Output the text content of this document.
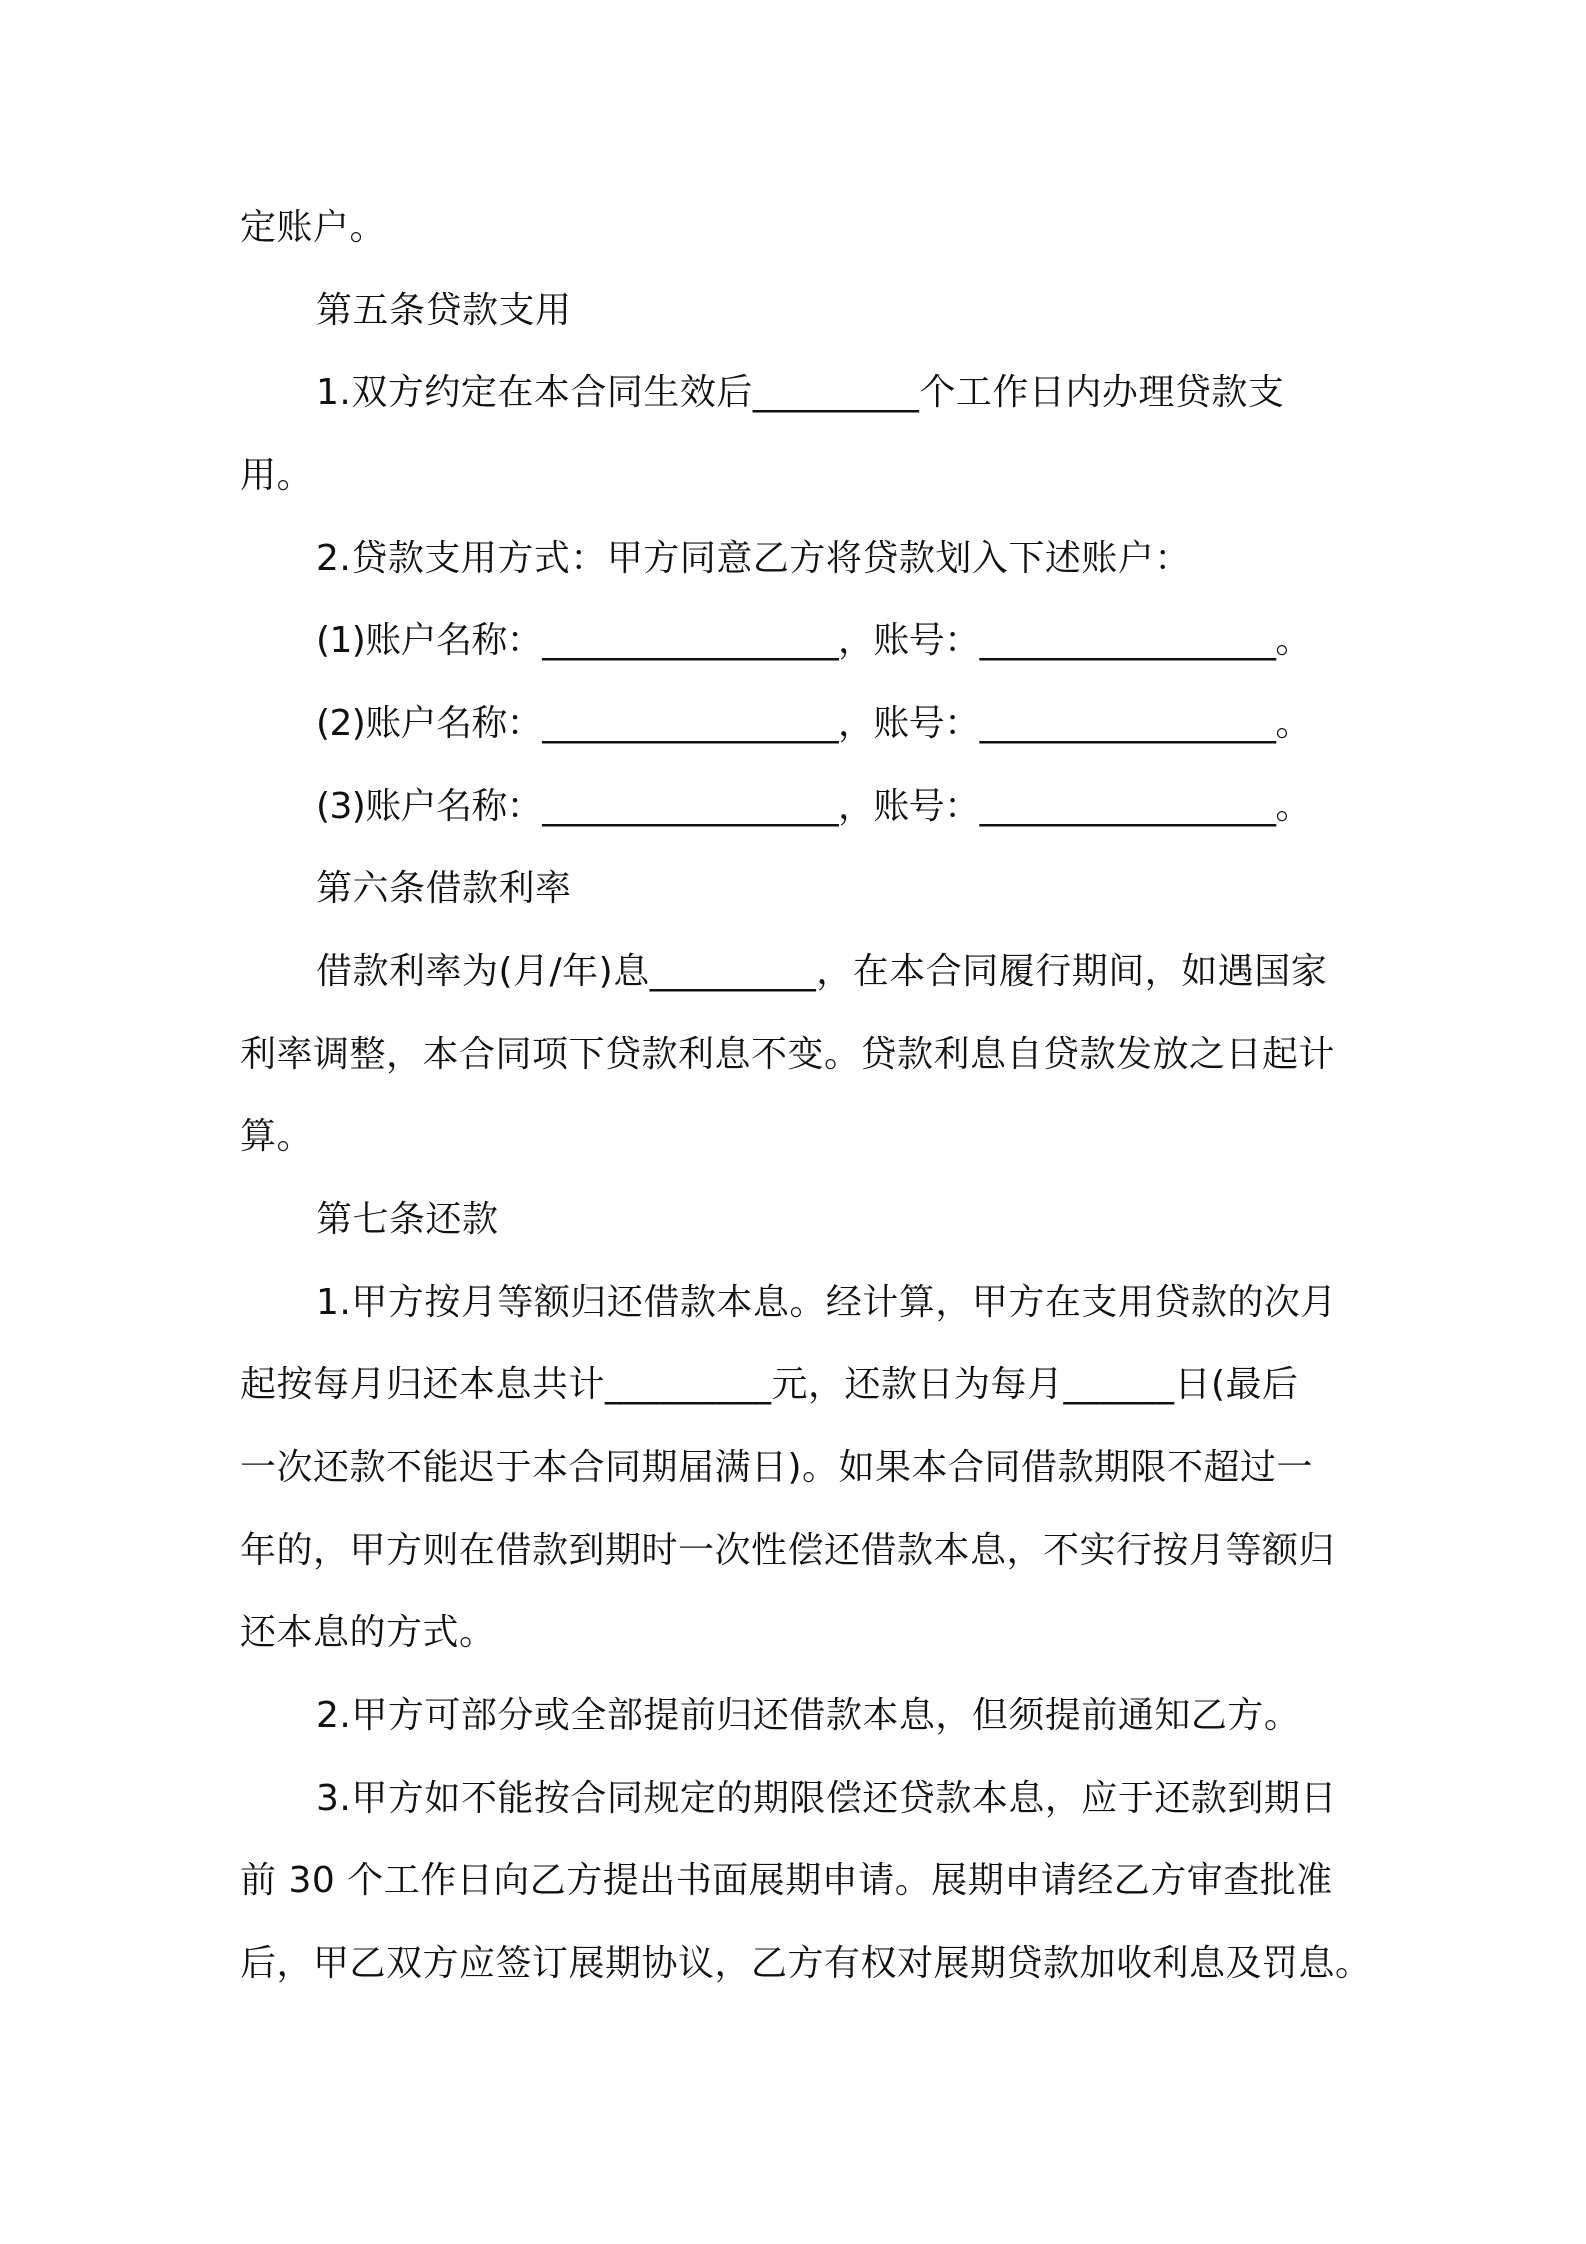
定账户。
第五条贷款支用
1.双方约定在本合同生效后_________个工作日内办理贷款支
用。
2.贷款支用方式：甲方同意乙方将贷款划入下述账户：
(1)账户名称：_________________，账号：_________________。
(2)账户名称：_________________，账号：_________________。
(3)账户名称：_________________，账号：_________________。
第六条借款利率
借款利率为(月/年)息_________，在本合同履行期间，如遇国家
利率调整，本合同项下贷款利息不变。贷款利息自贷款发放之日起计
算。
第七条还款
1.甲方按月等额归还借款本息。经计算，甲方在支用贷款的次月
起按每月归还本息共计_________元，还款日为每月______日(最后
一次还款不能迟于本合同期届满日)。如果本合同借款期限不超过一
年的，甲方则在借款到期时一次性偿还借款本息，不实行按月等额归
还本息的方式。
2.甲方可部分或全部提前归还借款本息，但须提前通知乙方。
3.甲方如不能按合同规定的期限偿还贷款本息，应于还款到期日
前 30 个工作日向乙方提出书面展期申请。展期申请经乙方审查批准
后，甲乙双方应签订展期协议，乙方有权对展期贷款加收利息及罚息。
